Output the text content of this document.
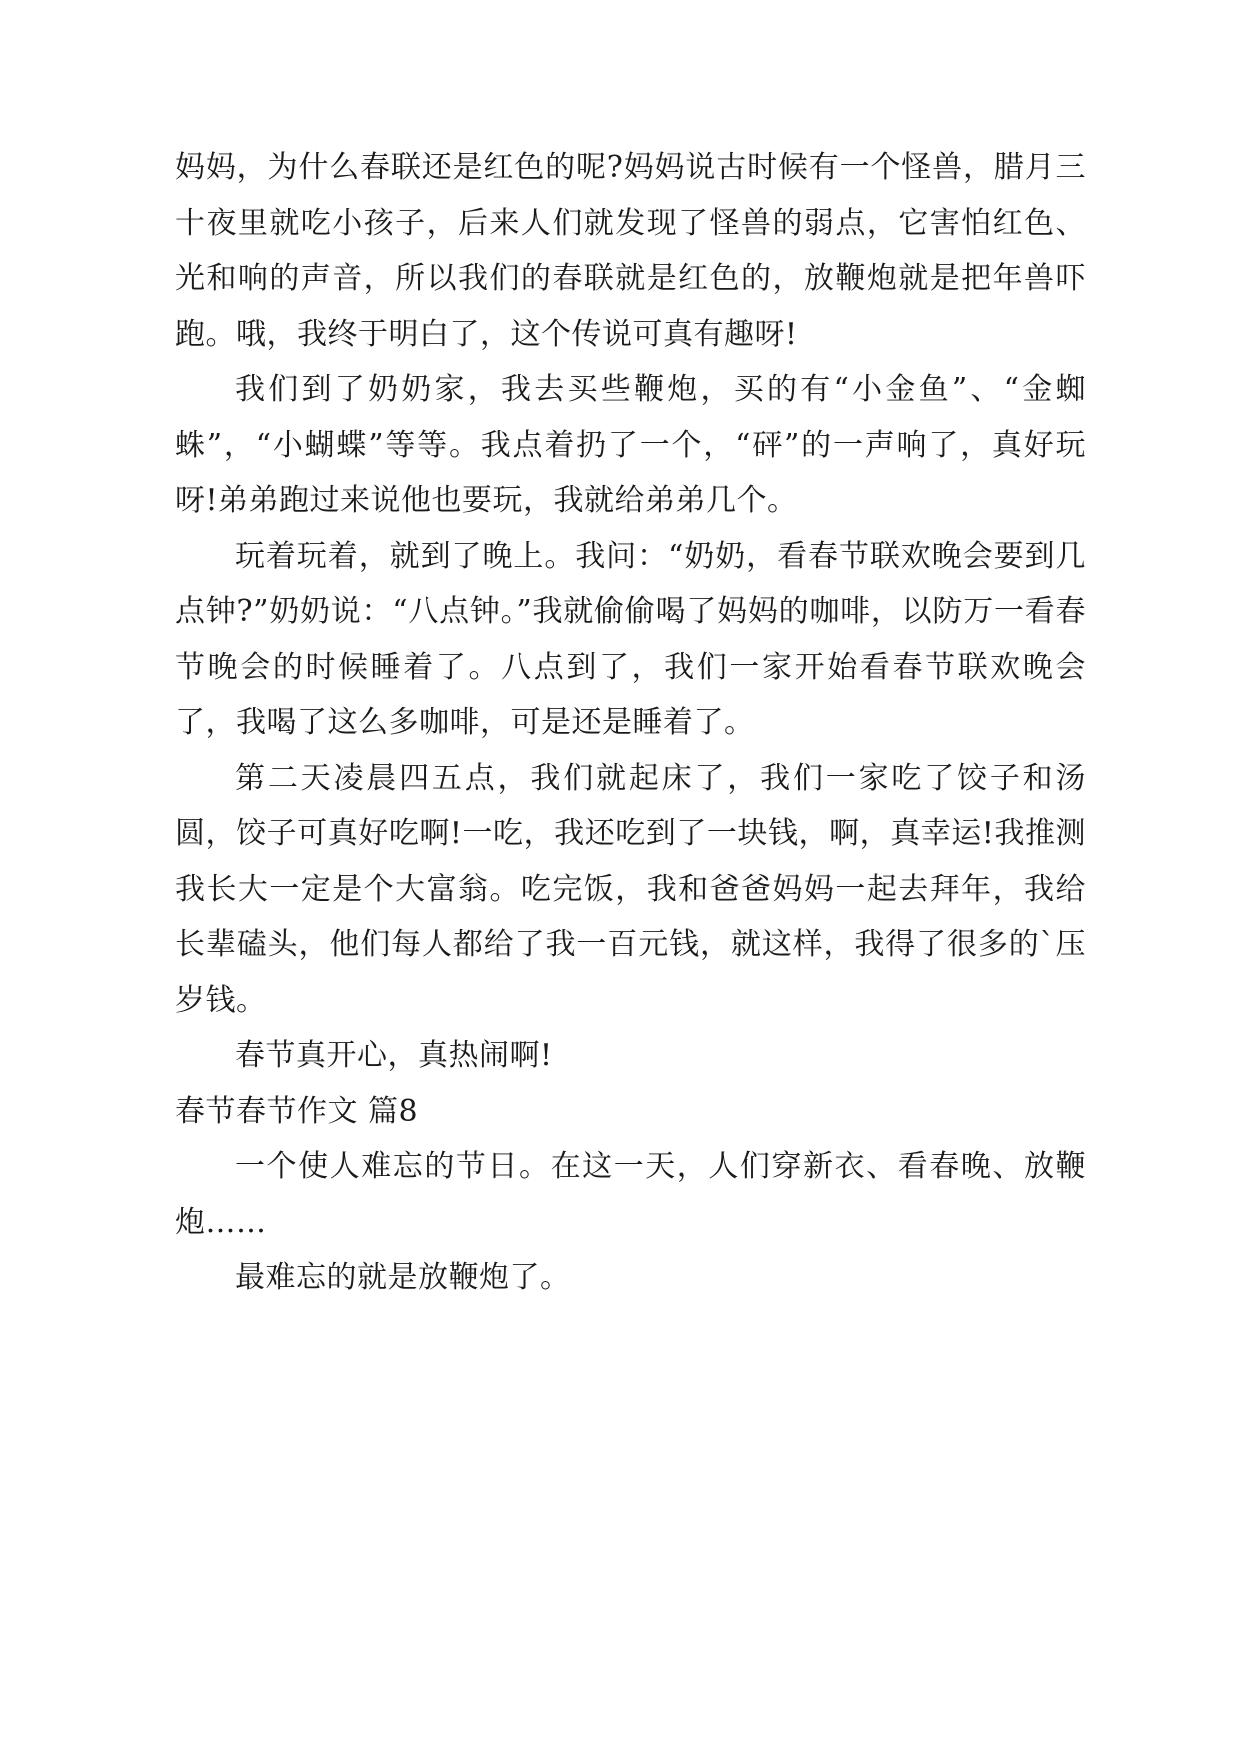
妈妈，为什么春联还是红色的呢?妈妈说古时候有一个怪兽，腊月三十夜里就吃小孩子，后来人们就发现了怪兽的弱点，它害怕红色、光和响的声音，所以我们的春联就是红色的，放鞭炮就是把年兽吓跑。哦，我终于明白了，这个传说可真有趣呀!

我们到了奶奶家，我去买些鞭炮，买的有“小金鱼”、“金蜘蛛”，“小蝴蝶”等等。我点着扔了一个，“砰”的一声响了，真好玩呀!弟弟跑过来说他也要玩，我就给弟弟几个。

玩着玩着，就到了晚上。我问：“奶奶，看春节联欢晚会要到几点钟?”奶奶说：“八点钟。”我就偷偷喝了妈妈的咖啡，以防万一看春节晚会的时候睡着了。八点到了，我们一家开始看春节联欢晚会了，我喝了这么多咖啡，可是还是睡着了。

第二天凌晨四五点，我们就起床了，我们一家吃了饺子和汤圆，饺子可真好吃啊!一吃，我还吃到了一块钱，啊，真幸运!我推测我长大一定是个大富翁。吃完饭，我和爸爸妈妈一起去拜年，我给长辈磕头，他们每人都给了我一百元钱，就这样，我得了很多的`压岁钱。

春节真开心，真热闹啊!

春节春节作文 篇8

一个使人难忘的节日。在这一天，人们穿新衣、看春晚、放鞭炮……

最难忘的就是放鞭炮了。
